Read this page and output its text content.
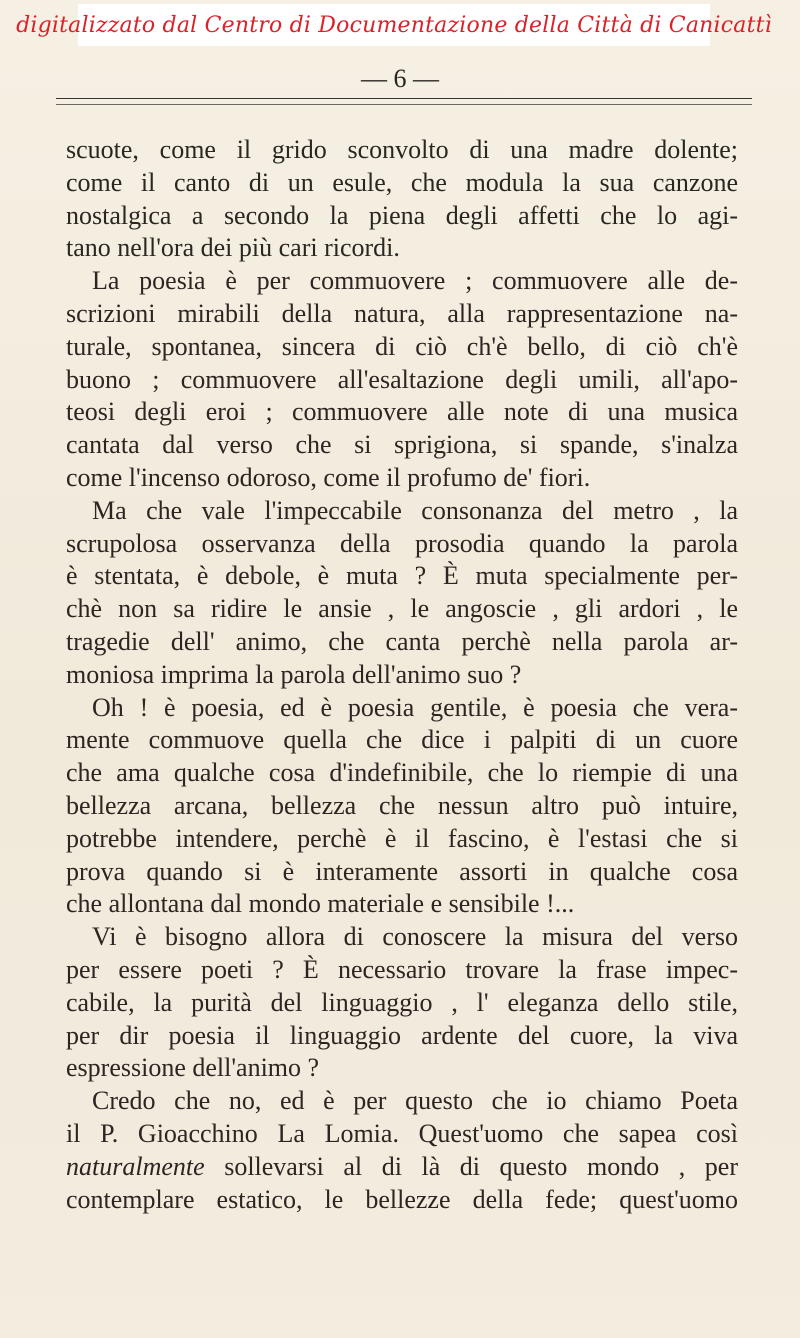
digitalizzato dal Centro di Documentazione della Città di Canicattì
— 6 —
scuote, come il grido sconvolto di una madre dolente;
come il canto di un esule, che modula la sua canzone
nostalgica a secondo la piena degli affetti che lo agi-
tano nell'ora dei più cari ricordi.
La poesia è per commuovere ; commuovere alle de-
scrizioni mirabili della natura, alla rappresentazione na-
turale, spontanea, sincera di ciò ch'è bello, di ciò ch'è
buono ; commuovere all'esaltazione degli umili, all'apo-
teosi degli eroi ; commuovere alle note di una musica
cantata dal verso che si sprigiona, si spande, s'inalza
come l'incenso odoroso, come il profumo de' fiori.
Ma che vale l'impeccabile consonanza del metro , la
scrupolosa osservanza della prosodia quando la parola
è stentata, è debole, è muta ? È muta specialmente per-
chè non sa ridire le ansie , le angoscie , gli ardori , le
tragedie dell' animo, che canta perchè nella parola ar-
moniosa imprima la parola dell'animo suo ?
Oh ! è poesia, ed è poesia gentile, è poesia che vera-
mente commuove quella che dice i palpiti di un cuore
che ama qualche cosa d'indefinibile, che lo riempie di una
bellezza arcana, bellezza che nessun altro può intuire,
potrebbe intendere, perchè è il fascino, è l'estasi che si
prova quando si è interamente assorti in qualche cosa
che allontana dal mondo materiale e sensibile !...
Vi è bisogno allora di conoscere la misura del verso
per essere poeti ? È necessario trovare la frase impec-
cabile, la purità del linguaggio , l' eleganza dello stile,
per dir poesia il linguaggio ardente del cuore, la viva
espressione dell'animo ?
Credo che no, ed è per questo che io chiamo Poeta
il P. Gioacchino La Lomia. Quest'uomo che sapea così
naturalmente sollevarsi al di là di questo mondo , per
contemplare estatico, le bellezze della fede; quest'uomo
